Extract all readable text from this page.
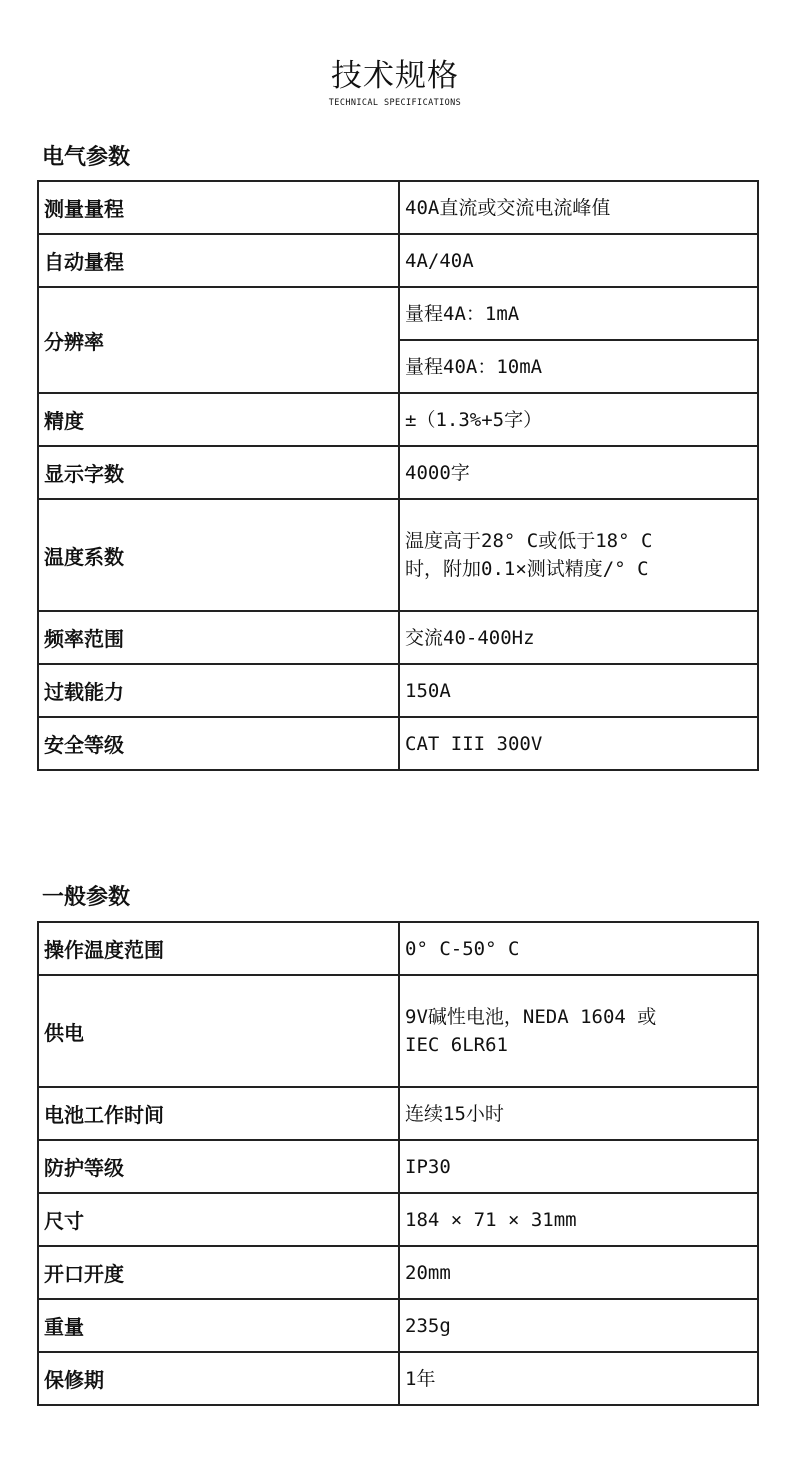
技术规格
TECHNICAL SPECIFICATIONS
电气参数
测量量程	40A直流或交流电流峰值
自动量程	4A/40A
分辨率	量程4A：1mA
	量程40A：10mA
精度	±（1.3%+5字）
显示字数	4000字
温度系数	温度高于28° C或低于18° C
时，附加0.1×测试精度/° C
频率范围	交流40-400Hz
过载能力	150A
安全等级	CAT III 300V
一般参数
操作温度范围	0° C-50° C
供电	9V碱性电池，NEDA 1604 或
IEC 6LR61
电池工作时间	连续15小时
防护等级	IP30
尺寸	184 × 71 × 31mm
开口开度	20mm
重量	235g
保修期	1年
